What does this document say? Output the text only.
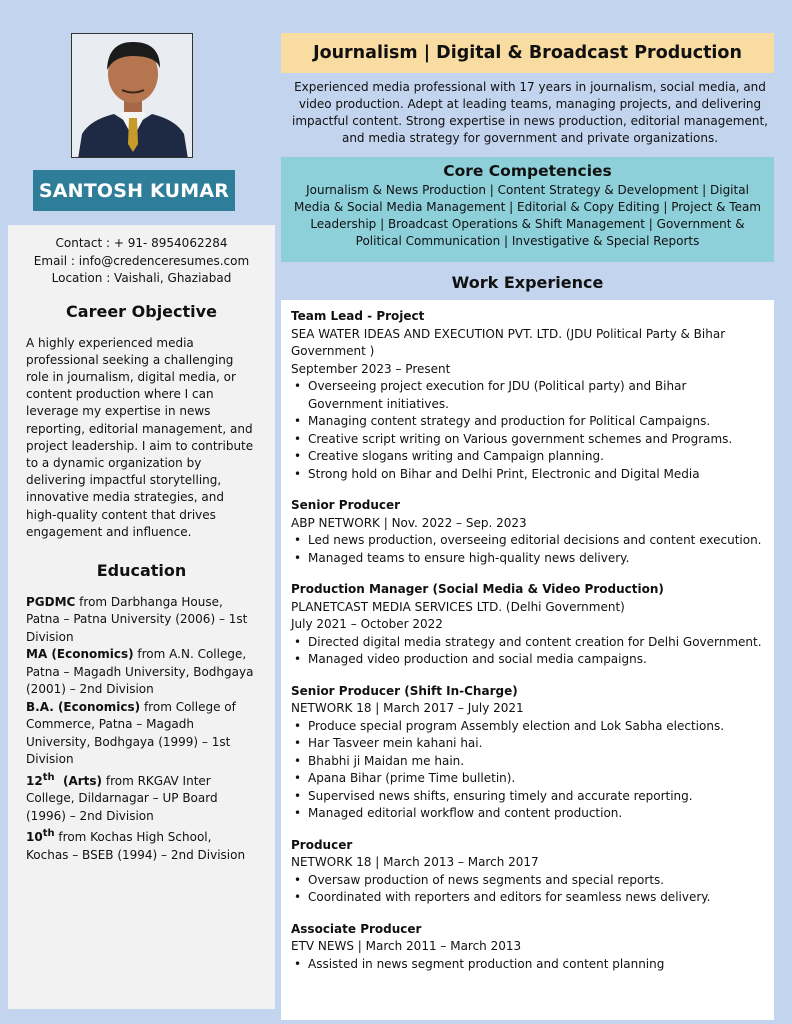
SANTOSH KUMAR
Contact : + 91- 8954062284
Email : info@credenceresumes.com
Location : Vaishali, Ghaziabad
Career Objective
A highly experienced media professional seeking a challenging role in journalism, digital media, or content production where I can leverage my expertise in news reporting, editorial management, and project leadership. I aim to contribute to a dynamic organization by delivering impactful storytelling, innovative media strategies, and high-quality content that drives engagement and influence.
Education
PGDMC from Darbhanga House, Patna – Patna University (2006) – 1st Division
MA (Economics) from A.N. College, Patna – Magadh University, Bodhgaya (2001) – 2nd Division
B.A. (Economics) from College of Commerce, Patna – Magadh University, Bodhgaya (1999) – 1st Division
12th  (Arts) from RKGAV Inter College, Dildarnagar – UP Board (1996) – 2nd Division
10th from Kochas High School, Kochas – BSEB (1994) – 2nd Division
Journalism | Digital & Broadcast Production
Experienced media professional with 17 years in journalism, social media, and video production. Adept at leading teams, managing projects, and delivering impactful content. Strong expertise in news production, editorial management, and media strategy for government and private organizations.
Core Competencies
Journalism & News Production | Content Strategy & Development | Digital Media & Social Media Management | Editorial & Copy Editing | Project & Team Leadership | Broadcast Operations & Shift Management | Government & Political Communication | Investigative & Special Reports
Work Experience
Team Lead - Project
SEA WATER IDEAS AND EXECUTION PVT. LTD. (JDU Political Party & Bihar Government )
September 2023 – Present
• Overseeing project execution for JDU (Political party) and Bihar Government initiatives.
• Managing content strategy and production for Political Campaigns.
• Creative script writing on Various government schemes and Programs.
• Creative slogans writing and Campaign planning.
• Strong hold on Bihar and Delhi Print, Electronic and Digital Media
Senior Producer
ABP NETWORK | Nov. 2022 – Sep. 2023
• Led news production, overseeing editorial decisions and content execution.
• Managed teams to ensure high-quality news delivery.
Production Manager (Social Media & Video Production)
PLANETCAST MEDIA SERVICES LTD. (Delhi Government)
July 2021 – October 2022
• Directed digital media strategy and content creation for Delhi Government.
• Managed video production and social media campaigns.
Senior Producer (Shift In-Charge)
NETWORK 18 | March 2017 – July 2021
• Produce special program Assembly election and Lok Sabha elections.
• Har Tasveer mein kahani hai.
• Bhabhi ji Maidan me hain.
• Apana Bihar (prime Time bulletin).
• Supervised news shifts, ensuring timely and accurate reporting.
• Managed editorial workflow and content production.
Producer
NETWORK 18 | March 2013 – March 2017
• Oversaw production of news segments and special reports.
• Coordinated with reporters and editors for seamless news delivery.
Associate Producer
ETV NEWS | March 2011 – March 2013
• Assisted in news segment production and content planning
